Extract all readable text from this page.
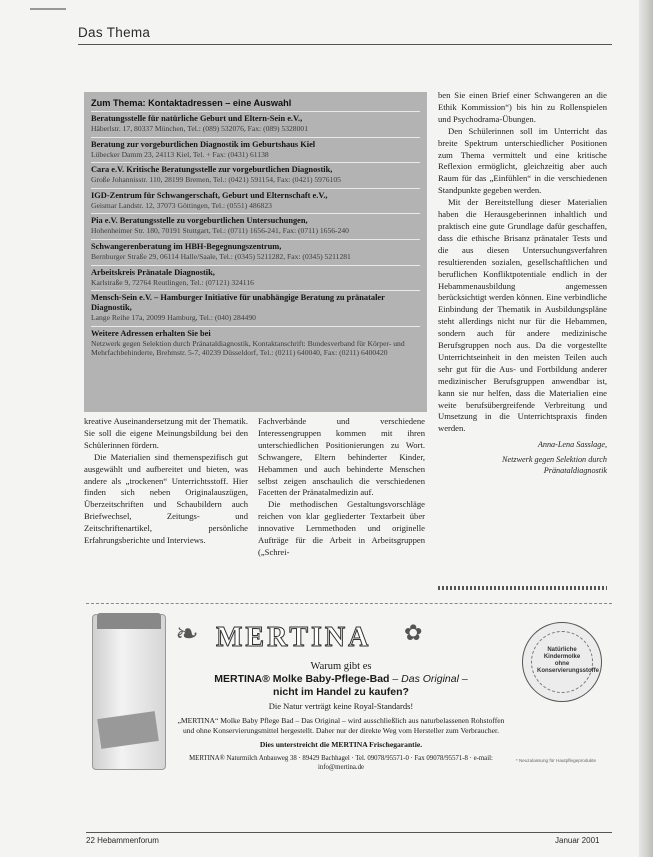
Das Thema
Zum Thema: Kontaktadressen – eine Auswahl
Beratungsstelle für natürliche Geburt und Eltern-Sein e.V.,
Häberlstr. 17, 80337 München, Tel.: (089) 532076, Fax: (089) 5328001
Beratung zur vorgeburtlichen Diagnostik im Geburtshaus Kiel
Lübecker Damm 23, 24113 Kiel, Tel. + Fax: (0431) 61138
Cara e.V. Kritische Beratungsstelle zur vorgeburtlichen Diagnostik,
Große Johannisstr. 110, 28199 Bremen, Tel.: (0421) 591154, Fax: (0421) 5976105
IGD-Zentrum für Schwangerschaft, Geburt und Elternschaft e.V.,
Geismar Landstr. 12, 37073 Göttingen, Tel.: (0551) 486823
Pia e.V. Beratungsstelle zu vorgeburtlichen Untersuchungen,
Hohenheimer Str. 180, 70191 Stuttgart, Tel.: (0711) 1656-241, Fax: (0711) 1656-240
Schwangerenberatung im HBH-Begegnungszentrum,
Bernburger Straße 29, 06114 Halle/Saale, Tel.: (0345) 5211282, Fax: (0345) 5211281
Arbeitskreis Pränatale Diagnostik,
Karlstraße 9, 72764 Reutlingen, Tel.: (07121) 324116
Mensch-Sein e.V. – Hamburger Initiative für unabhängige Beratung zu pränataler Diagnostik,
Lange Reihe 17a, 20099 Hamburg, Tel.: (040) 284490
Weitere Adressen erhalten Sie bei
Netzwerk gegen Selektion durch Pränataldiagnostik, Kontaktanschrift: Bundesverband für Körper- und Mehrfachbehinderte, Brehmstr. 5-7, 40239 Düsseldorf, Tel.: (0211) 640040, Fax: (0211) 6400420

kreative Auseinandersetzung mit der Thematik. Sie soll die eigene Meinungsbildung bei den Schülerinnen fördern.

Die Materialien sind themenspezifisch gut ausgewählt und aufbereitet und bieten, was andere als „trockenen“ Unterrichtsstoff. Hier finden sich neben Originalauszügen, Überzeitschriften und Schaubildern auch Briefwechsel, Zeitungs- und Zeitschriftenartikel, persönliche Erfahrungsberichte und Interviews.

Fachverbände und verschiedene Interessengruppen kommen mit ihren unterschiedlichen Positionierungen zu Wort. Schwangere, Eltern behinderter Kinder, Hebammen und auch behinderte Menschen selbst zeigen anschaulich die verschiedenen Facetten der Pränatalmedizin auf.

Die methodischen Gestaltungsvorschläge reichen von klar gegliederter Textarbeit über innovative Lernmethoden und originelle Aufträge für die Arbeit in Arbeitsgruppen („Schrei-

ben Sie einen Brief einer Schwangeren an die Ethik Kommission“) bis hin zu Rollenspielen und Psychodrama-Übungen.

Den Schülerinnen soll im Unterricht das breite Spektrum unterschiedlicher Positionen zum Thema vermittelt und eine kritische Reflexion ermöglicht, gleichzeitig aber auch Raum für das „Einfühlen“ in die verschiedenen Standpunkte gegeben werden.

Mit der Bereitstellung dieser Materialien haben die Herausgeberinnen inhaltlich und praktisch eine gute Grundlage dafür geschaffen, dass die ethische Brisanz pränataler Tests und die aus diesen Untersuchungsverfahren resultierenden sozialen, gesellschaftlichen und beruflichen Konfliktpotentiale endlich in der Hebammenausbildung angemessen berücksichtigt werden können. Eine verbindliche Einbindung der Thematik in Ausbildungspläne steht allerdings nicht nur für die Hebammen, sondern auch für andere medizinische Berufsgruppen noch aus. Da die vorgestellte Unterrichtseinheit in den meisten Teilen auch sehr gut für die Aus- und Fortbildung anderer medizinischer Berufsgruppen anwendbar ist, kann sie nur helfen, dass die Materialien eine weite berufsübergreifende Verbreitung und Umsetzung in die Unterrichtspraxis finden werden.

Anna-Lena Sasslage,
Netzwerk gegen Selektion durch Pränataldiagnostik
❧ MERTINA ✿
Warum gibt es
MERTINA® Molke Baby-Pflege-Bad – Das Original –
nicht im Handel zu kaufen?
Die Natur verträgt keine Royal-Standards!
„MERTINA“ Molke Baby Pflege Bad – Das Original – wird ausschließlich aus naturbelassenen Rohstoffen und ohne Konservierungsmittel hergestellt. Daher nur der direkte Weg vom Hersteller zum Verbraucher.
Dies unterstreicht die MERTINA Frischegarantie.
MERTINA® Naturmilch Anbauweg 38 · 89429 Bachhagel · Tel. 09078/95571-0 · Fax 09078/95571-8 · e-mail: info@mertina.de
Natürliche Kindermolke ohne Konservierungsstoffe
* Neuzulassung für Hautpflegeprodukte
22 Hebammenforum	Januar 2001
